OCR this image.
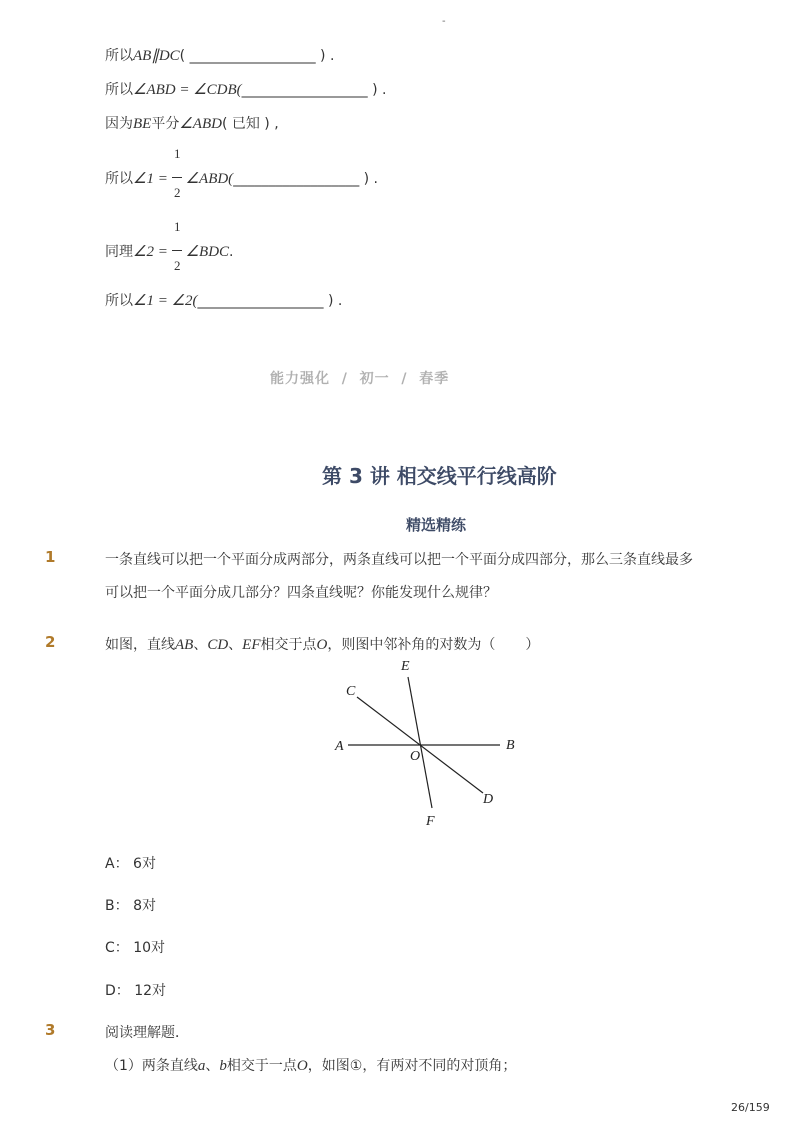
-
所以AB∥DC( __________________ ) .
所以∠ABD = ∠CDB(__________________ ) .
因为BE平分∠ABD( 已知 ) ,
1
2
所以∠1 = ∠ABD(__________________ ) .
1
2
同理∠2 = ∠BDC.
所以∠1 = ∠2(__________________ ) .
能力强化 / 初一 / 春季
第 3 讲 相交线平行线高阶
精选精练
1	一条直线可以把一个平面分成两部分，两条直线可以把一个平面分成四部分，那么三条直线最多
可以把一个平面分成几部分？四条直线呢？你能发现什么规律？
2	如图，直线AB、CD、EF相交于点O，则图中邻补角的对数为（ ）
A	B
C
D
E
F
O
A： 6对
B： 8对
C： 10对
D： 12对
3	阅读理解题．
（1）两条直线a、b相交于一点O，如图①，有两对不同的对顶角；
26/159
